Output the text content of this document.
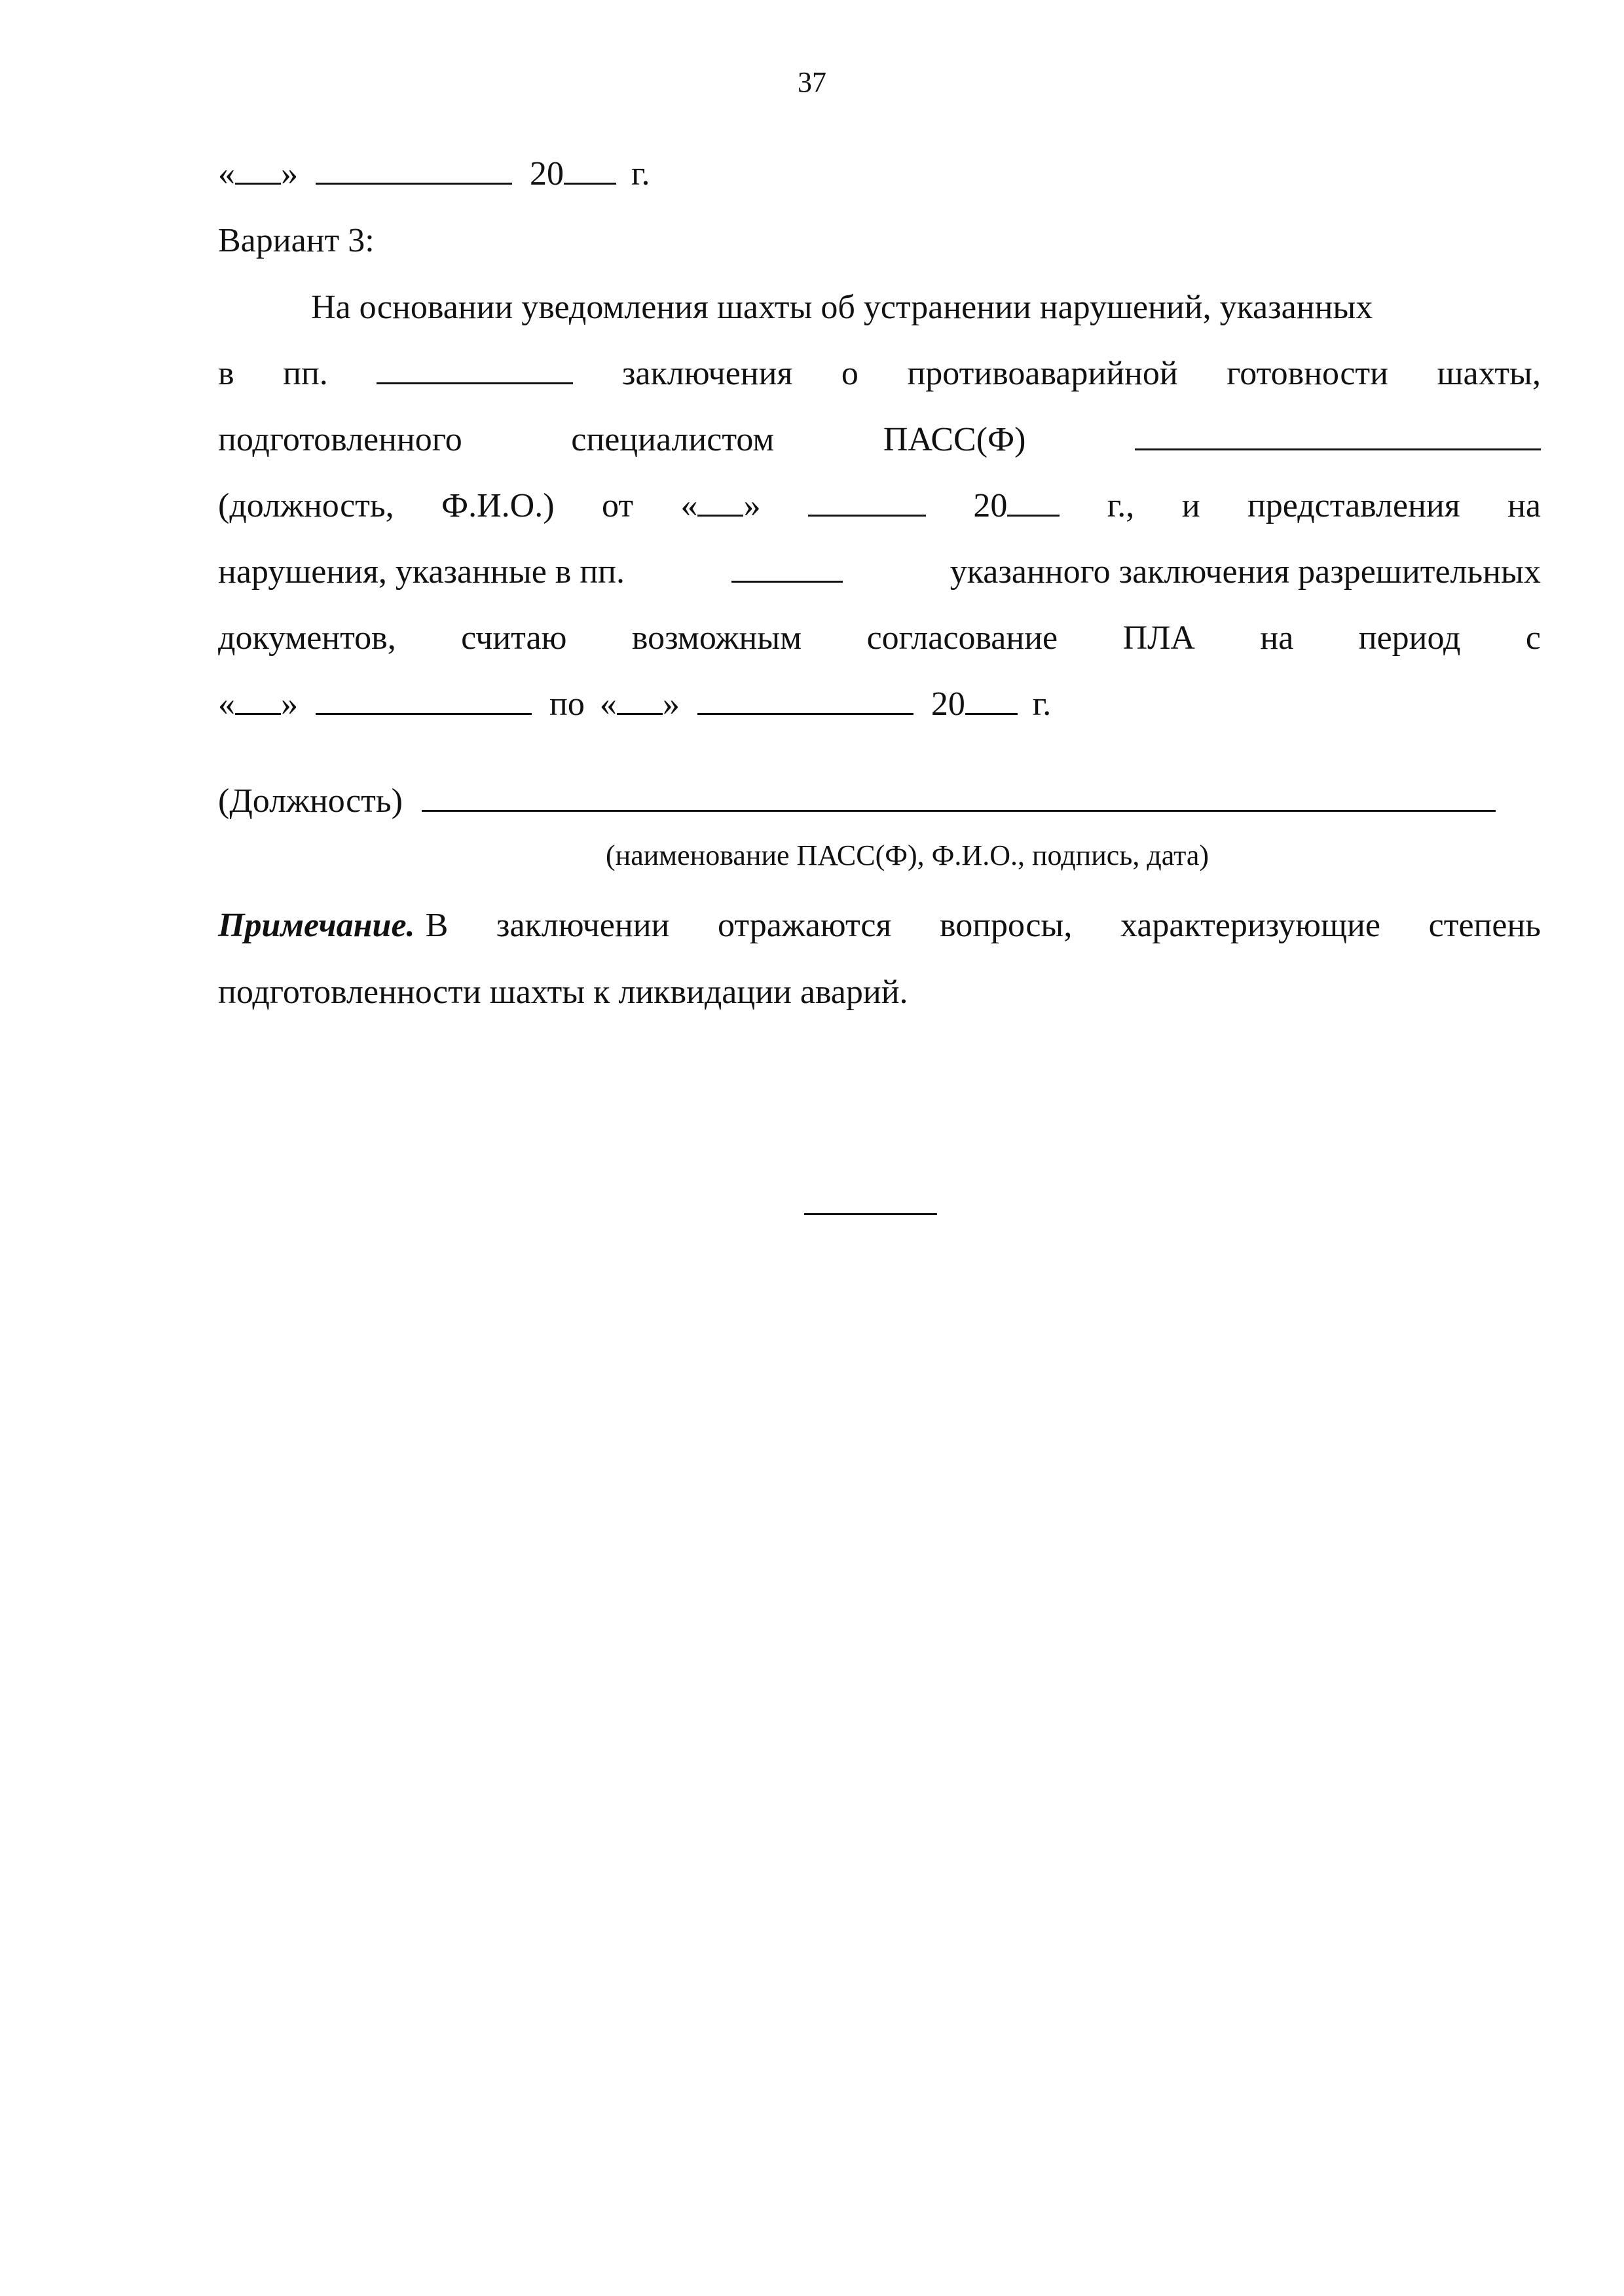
37
« »	20 г.
Вариант 3:
На основании уведомления шахты об устранении нарушений, указанных
в пп.	заключения о противоаварийной готовности шахты,
подготовленного	специалистом	ПАСС(Ф)
(должность, Ф.И.О.) от « »	20	г., и представления на
нарушения, указанные в пп.	указанного заключения разрешительных
документов, считаю возможным согласование ПЛА на период с
« »	по « »	20 г.
(Должность)
(наименование ПАСС(Ф), Ф.И.О., подпись, дата)
Примечание. В заключении отражаются вопросы, характеризующие степень
подготовленности шахты к ликвидации аварий.
